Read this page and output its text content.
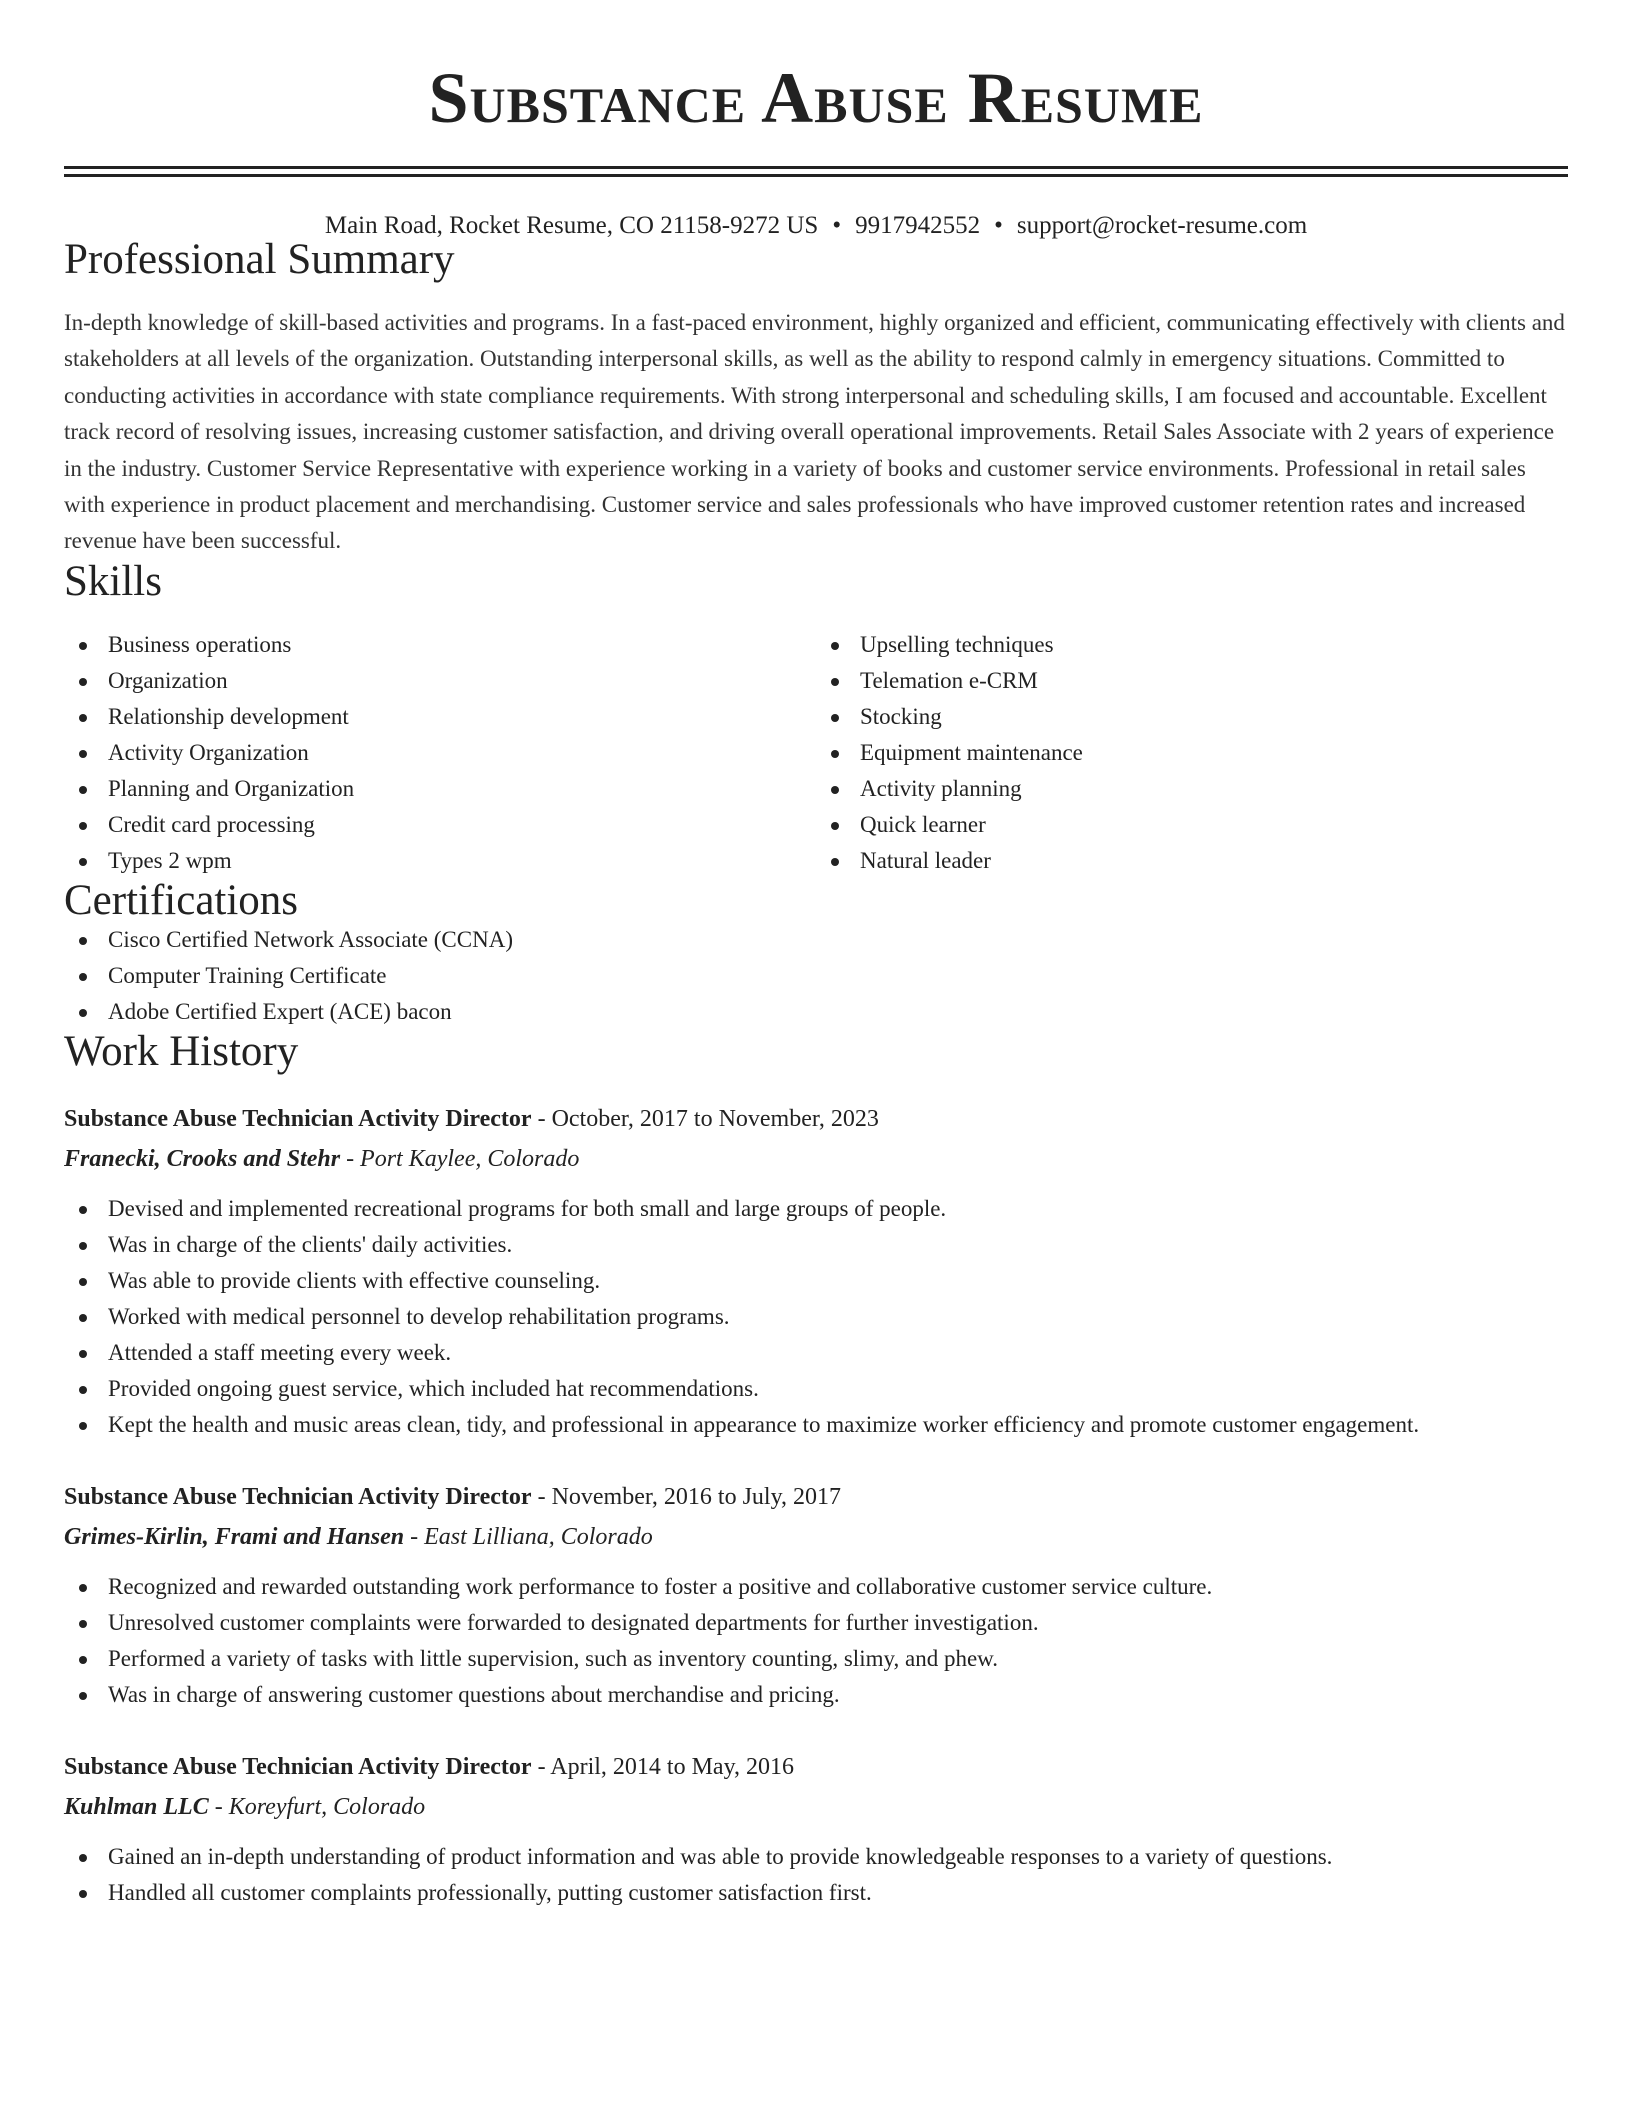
Substance Abuse Resume
Main Road, Rocket Resume, CO 21158-9272 US • 9917942552 • support@rocket-resume.com
Professional Summary

In-depth knowledge of skill-based activities and programs. In a fast-paced environment, highly organized and efficient, communicating effectively with clients and stakeholders at all levels of the organization. Outstanding interpersonal skills, as well as the ability to respond calmly in emergency situations. Committed to conducting activities in accordance with state compliance requirements. With strong interpersonal and scheduling skills, I am focused and accountable. Excellent track record of resolving issues, increasing customer satisfaction, and driving overall operational improvements. Retail Sales Associate with 2 years of experience in the industry. Customer Service Representative with experience working in a variety of books and customer service environments. Professional in retail sales with experience in product placement and merchandising. Customer service and sales professionals who have improved customer retention rates and increased revenue have been successful.

Skills
Business operations
Organization
Relationship development
Activity Organization
Planning and Organization
Credit card processing
Types 2 wpm
Upselling techniques
Telemation e-CRM
Stocking
Equipment maintenance
Activity planning
Quick learner
Natural leader
Certifications
Cisco Certified Network Associate (CCNA)
Computer Training Certificate
Adobe Certified Expert (ACE) bacon
Work History
Substance Abuse Technician Activity Director - October, 2017 to November, 2023
Franecki, Crooks and Stehr - Port Kaylee, Colorado
Devised and implemented recreational programs for both small and large groups of people.
Was in charge of the clients' daily activities.
Was able to provide clients with effective counseling.
Worked with medical personnel to develop rehabilitation programs.
Attended a staff meeting every week.
Provided ongoing guest service, which included hat recommendations.
Kept the health and music areas clean, tidy, and professional in appearance to maximize worker efficiency and promote customer engagement.
Substance Abuse Technician Activity Director - November, 2016 to July, 2017
Grimes-Kirlin, Frami and Hansen - East Lilliana, Colorado
Recognized and rewarded outstanding work performance to foster a positive and collaborative customer service culture.
Unresolved customer complaints were forwarded to designated departments for further investigation.
Performed a variety of tasks with little supervision, such as inventory counting, slimy, and phew.
Was in charge of answering customer questions about merchandise and pricing.
Substance Abuse Technician Activity Director - April, 2014 to May, 2016
Kuhlman LLC - Koreyfurt, Colorado
Gained an in-depth understanding of product information and was able to provide knowledgeable responses to a variety of questions.
Handled all customer complaints professionally, putting customer satisfaction first.
